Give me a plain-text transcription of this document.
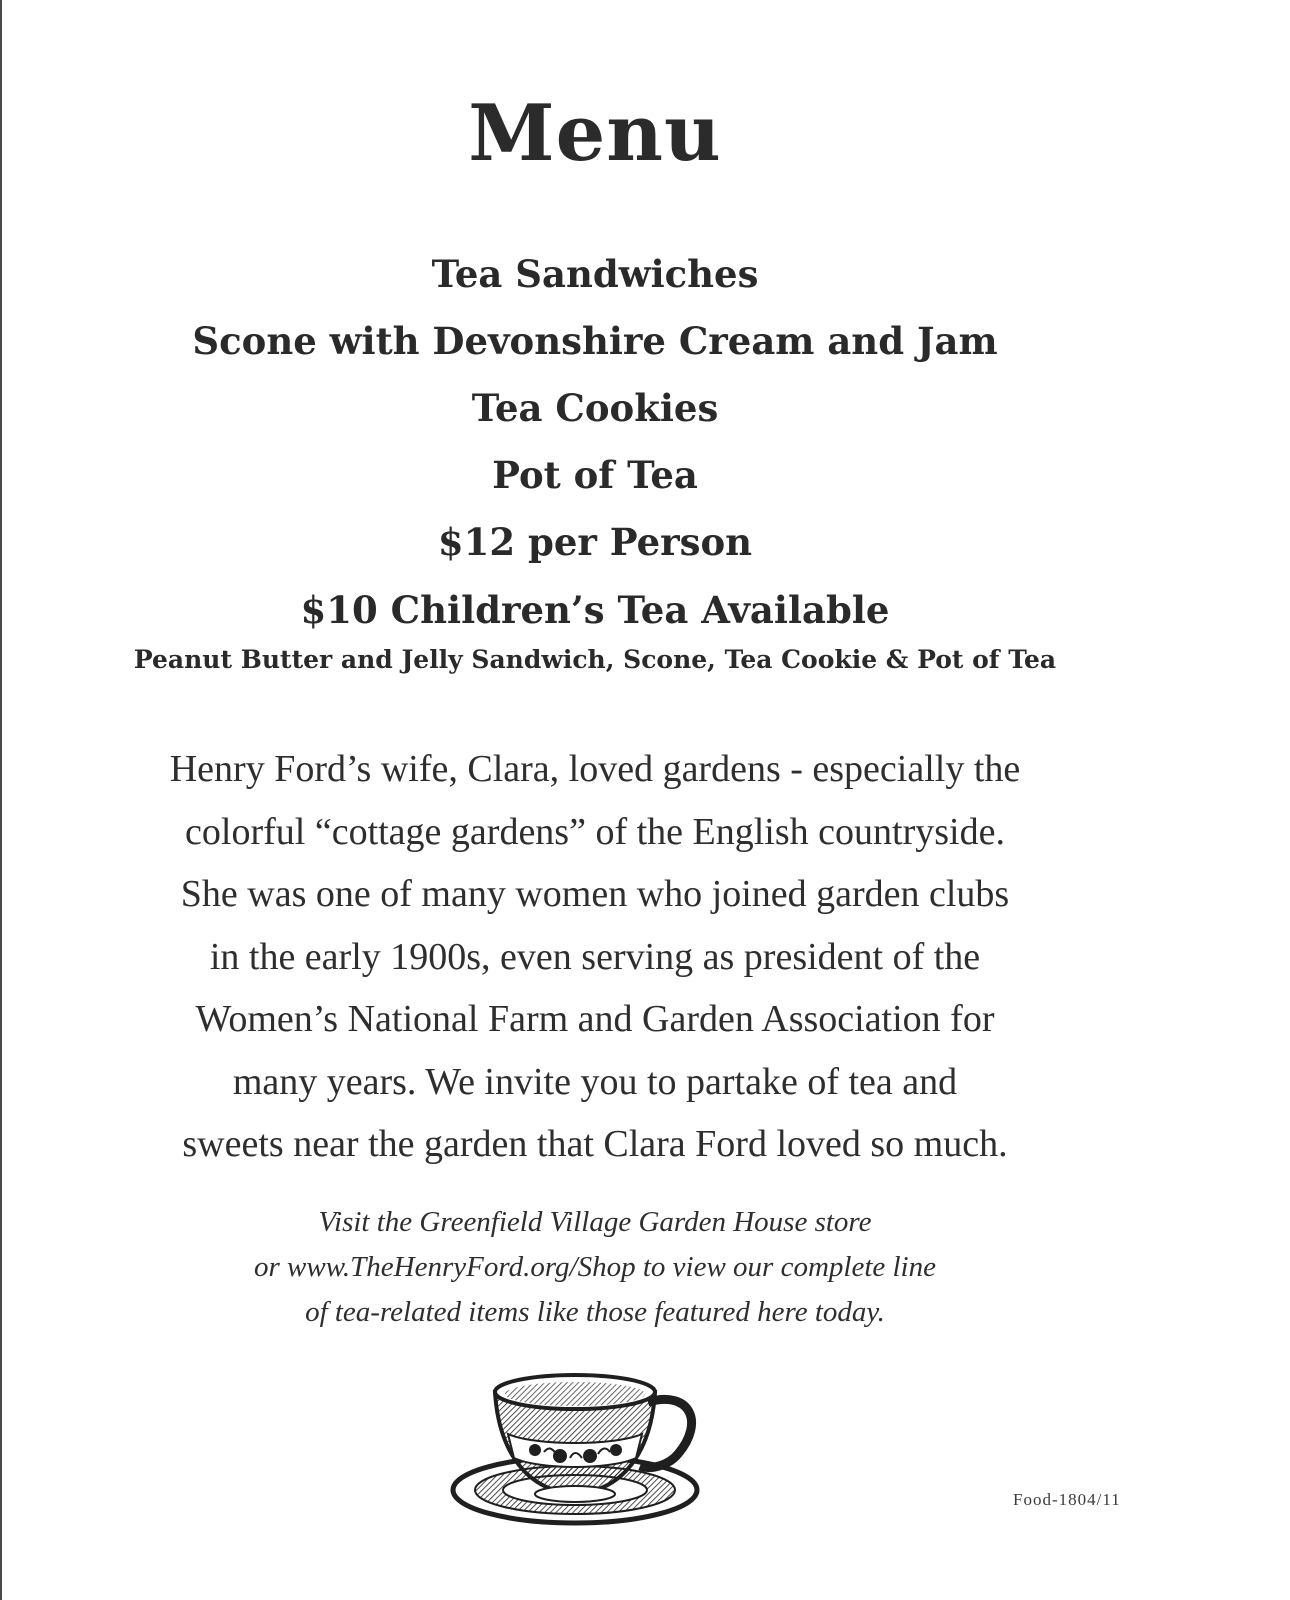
Menu
Tea Sandwiches
Scone with Devonshire Cream and Jam
Tea Cookies
Pot of Tea
$12 per Person
$10 Children’s Tea Available
Peanut Butter and Jelly Sandwich, Scone, Tea Cookie & Pot of Tea
Henry Ford’s wife, Clara, loved gardens - especially the
colorful “cottage gardens” of the English countryside.
She was one of many women who joined garden clubs
in the early 1900s, even serving as president of the
Women’s National Farm and Garden Association for
many years. We invite you to partake of tea and
sweets near the garden that Clara Ford loved so much.
Visit the Greenfield Village Garden House store
or www.TheHenryFord.org/Shop to view our complete line
of tea-related items like those featured here today.
Food-1804/11
